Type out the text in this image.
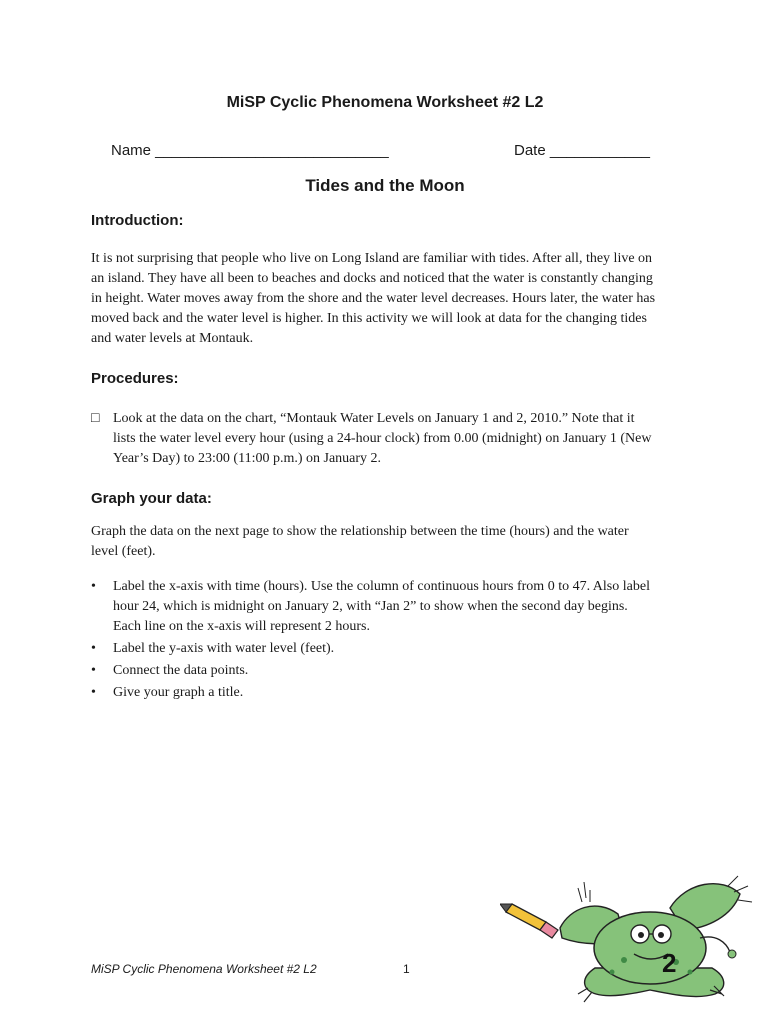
MiSP Cyclic Phenomena Worksheet #2 L2
Name ____________________________	Date ____________
Tides and the Moon
Introduction:
It is not surprising that people who live on Long Island are familiar with tides. After all, they live on
an island. They have all been to beaches and docks and noticed that the water is constantly changing
in height. Water moves away from the shore and the water level decreases. Hours later, the water has
moved back and the water level is higher. In this activity we will look at data for the changing tides
and water levels at Montauk.
Procedures:
□ Look at the data on the chart, “Montauk Water Levels on January 1 and 2, 2010.” Note that it
lists the water level every hour (using a 24-hour clock) from 0.00 (midnight) on January 1 (New
Year’s Day) to 23:00 (11:00 p.m.) on January 2.
Graph your data:
Graph the data on the next page to show the relationship between the time (hours) and the water
level (feet).
• Label the x-axis with time (hours). Use the column of continuous hours from 0 to 47. Also label
hour 24, which is midnight on January 2, with “Jan 2” to show when the second day begins.
Each line on the x-axis will represent 2 hours.
• Label the y-axis with water level (feet).
• Connect the data points.
• Give your graph a title.
MiSP Cyclic Phenomena Worksheet #2 L2	1	2
